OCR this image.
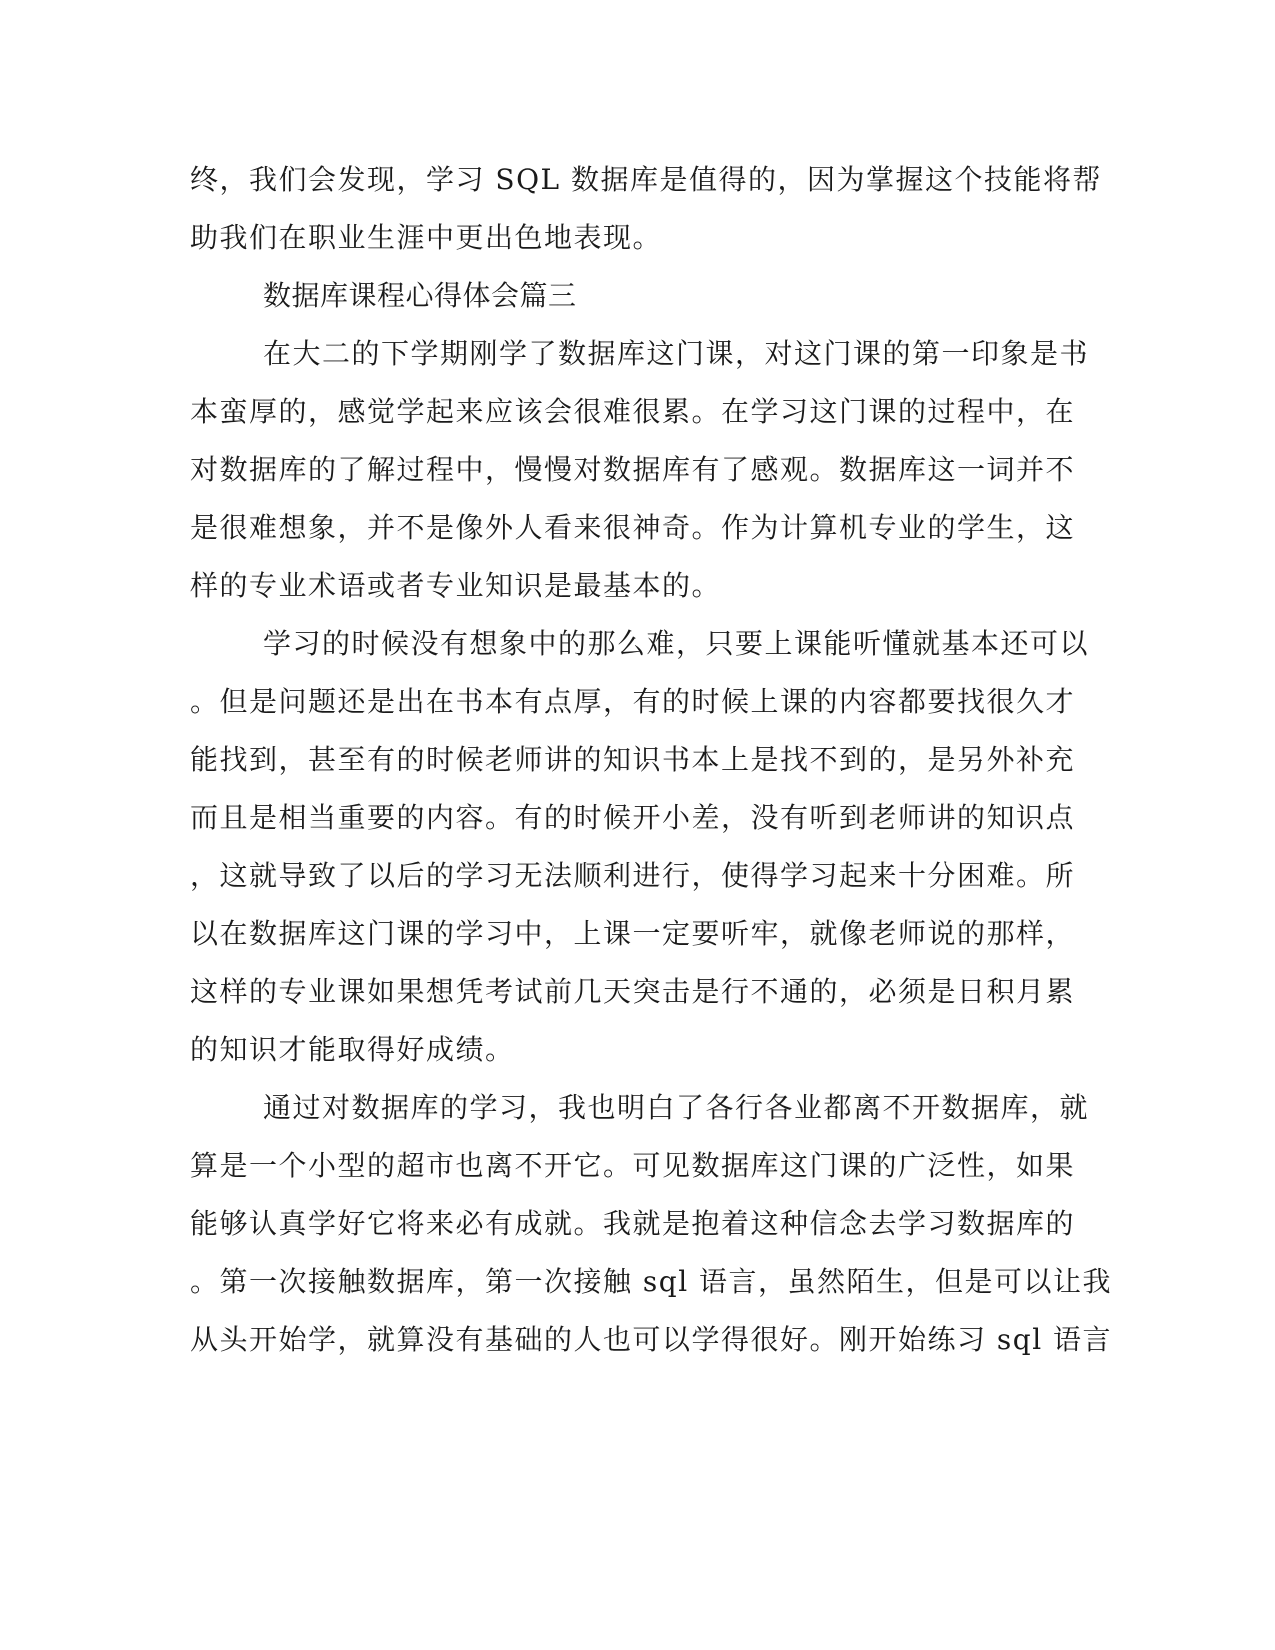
终，我们会发现，学习 SQL 数据库是值得的，因为掌握这个技能将帮
助我们在职业生涯中更出色地表现。
数据库课程心得体会篇三
在大二的下学期刚学了数据库这门课，对这门课的第一印象是书
本蛮厚的，感觉学起来应该会很难很累。在学习这门课的过程中，在
对数据库的了解过程中，慢慢对数据库有了感观。数据库这一词并不
是很难想象，并不是像外人看来很神奇。作为计算机专业的学生，这
样的专业术语或者专业知识是最基本的。
学习的时候没有想象中的那么难，只要上课能听懂就基本还可以
。但是问题还是出在书本有点厚，有的时候上课的内容都要找很久才
能找到，甚至有的时候老师讲的知识书本上是找不到的，是另外补充
而且是相当重要的内容。有的时候开小差，没有听到老师讲的知识点
，这就导致了以后的学习无法顺利进行，使得学习起来十分困难。所
以在数据库这门课的学习中，上课一定要听牢，就像老师说的那样，
这样的专业课如果想凭考试前几天突击是行不通的，必须是日积月累
的知识才能取得好成绩。
通过对数据库的学习，我也明白了各行各业都离不开数据库，就
算是一个小型的超市也离不开它。可见数据库这门课的广泛性，如果
能够认真学好它将来必有成就。我就是抱着这种信念去学习数据库的
。第一次接触数据库，第一次接触 sql 语言，虽然陌生，但是可以让我
从头开始学，就算没有基础的人也可以学得很好。刚开始练习 sql 语言
